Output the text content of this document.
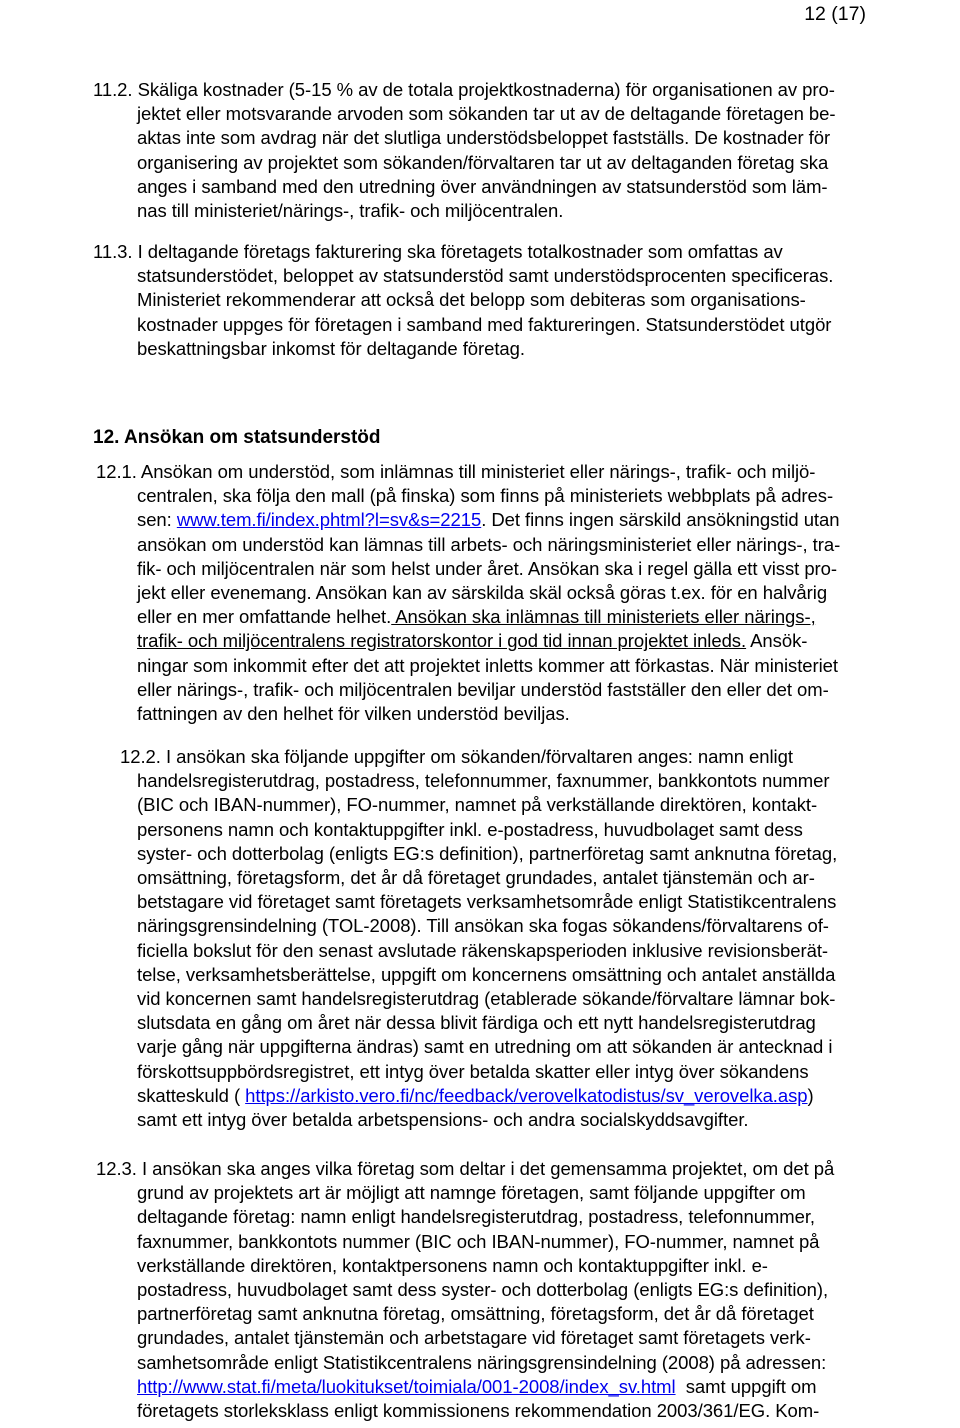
12 (17)
11.2. Skäliga kostnader (5-15 % av de totala projektkostnaderna) för organisationen av pro-
jektet eller motsvarande arvoden som sökanden tar ut av de deltagande företagen be-
aktas inte som avdrag när det slutliga understödsbeloppet fastställs. De kostnader för
organisering av projektet som sökanden/förvaltaren tar ut av deltaganden företag ska
anges i samband med den utredning över användningen av statsunderstöd som läm-
nas till ministeriet/närings-, trafik- och miljöcentralen.
11.3. I deltagande företags fakturering ska företagets totalkostnader som omfattas av
statsunderstödet, beloppet av statsunderstöd samt understödsprocenten specificeras.
Ministeriet rekommenderar att också det belopp som debiteras som organisations-
kostnader uppges för företagen i samband med faktureringen. Statsunderstödet utgör
beskattningsbar inkomst för deltagande företag.
12. Ansökan om statsunderstöd
12.1. Ansökan om understöd, som inlämnas till ministeriet eller närings-, trafik- och miljö-
centralen, ska följa den mall (på finska) som finns på ministeriets webbplats på adres-
sen: www.tem.fi/index.phtml?l=sv&s=2215. Det finns ingen särskild ansökningstid utan
ansökan om understöd kan lämnas till arbets- och näringsministeriet eller närings-, tra-
fik- och miljöcentralen när som helst under året. Ansökan ska i regel gälla ett visst pro-
jekt eller evenemang. Ansökan kan av särskilda skäl också göras t.ex. för en halvårig
eller en mer omfattande helhet. Ansökan ska inlämnas till ministeriets eller närings-,
trafik- och miljöcentralens registratorskontor i god tid innan projektet inleds. Ansök-
ningar som inkommit efter det att projektet inletts kommer att förkastas. När ministeriet
eller närings-, trafik- och miljöcentralen beviljar understöd fastställer den eller det om-
fattningen av den helhet för vilken understöd beviljas.
12.2. I ansökan ska följande uppgifter om sökanden/förvaltaren anges: namn enligt
handelsregisterutdrag, postadress, telefonnummer, faxnummer, bankkontots nummer
(BIC och IBAN-nummer), FO-nummer, namnet på verkställande direktören, kontakt-
personens namn och kontaktuppgifter inkl. e-postadress, huvudbolaget samt dess
syster- och dotterbolag (enligts EG:s definition), partnerföretag samt anknutna företag,
omsättning, företagsform, det år då företaget grundades, antalet tjänstemän och ar-
betstagare vid företaget samt företagets verksamhetsområde enligt Statistikcentralens
näringsgrensindelning (TOL-2008). Till ansökan ska fogas sökandens/förvaltarens of-
ficiella bokslut för den senast avslutade räkenskapsperioden inklusive revisionsberät-
telse, verksamhetsberättelse, uppgift om koncernens omsättning och antalet anställda
vid koncernen samt handelsregisterutdrag (etablerade sökande/förvaltare lämnar bok-
slutsdata en gång om året när dessa blivit färdiga och ett nytt handelsregisterutdrag
varje gång när uppgifterna ändras) samt en utredning om att sökanden är antecknad i
förskottsuppbördsregistret, ett intyg över betalda skatter eller intyg över sökandens
skatteskuld ( https://arkisto.vero.fi/nc/feedback/verovelkatodistus/sv_verovelka.asp)
samt ett intyg över betalda arbetspensions- och andra socialskyddsavgifter.
12.3. I ansökan ska anges vilka företag som deltar i det gemensamma projektet, om det på
grund av projektets art är möjligt att namnge företagen, samt följande uppgifter om
deltagande företag: namn enligt handelsregisterutdrag, postadress, telefonnummer,
faxnummer, bankkontots nummer (BIC och IBAN-nummer), FO-nummer, namnet på
verkställande direktören, kontaktpersonens namn och kontaktuppgifter inkl. e-
postadress, huvudbolaget samt dess syster- och dotterbolag (enligts EG:s definition),
partnerföretag samt anknutna företag, omsättning, företagsform, det år då företaget
grundades, antalet tjänstemän och arbetstagare vid företaget samt företagets verk-
samhetsområde enligt Statistikcentralens näringsgrensindelning (2008) på adressen:
http://www.stat.fi/meta/luokitukset/toimiala/001-2008/index_sv.html  samt uppgift om
företagets storleksklass enligt kommissionens rekommendation 2003/361/EG. Kom-
